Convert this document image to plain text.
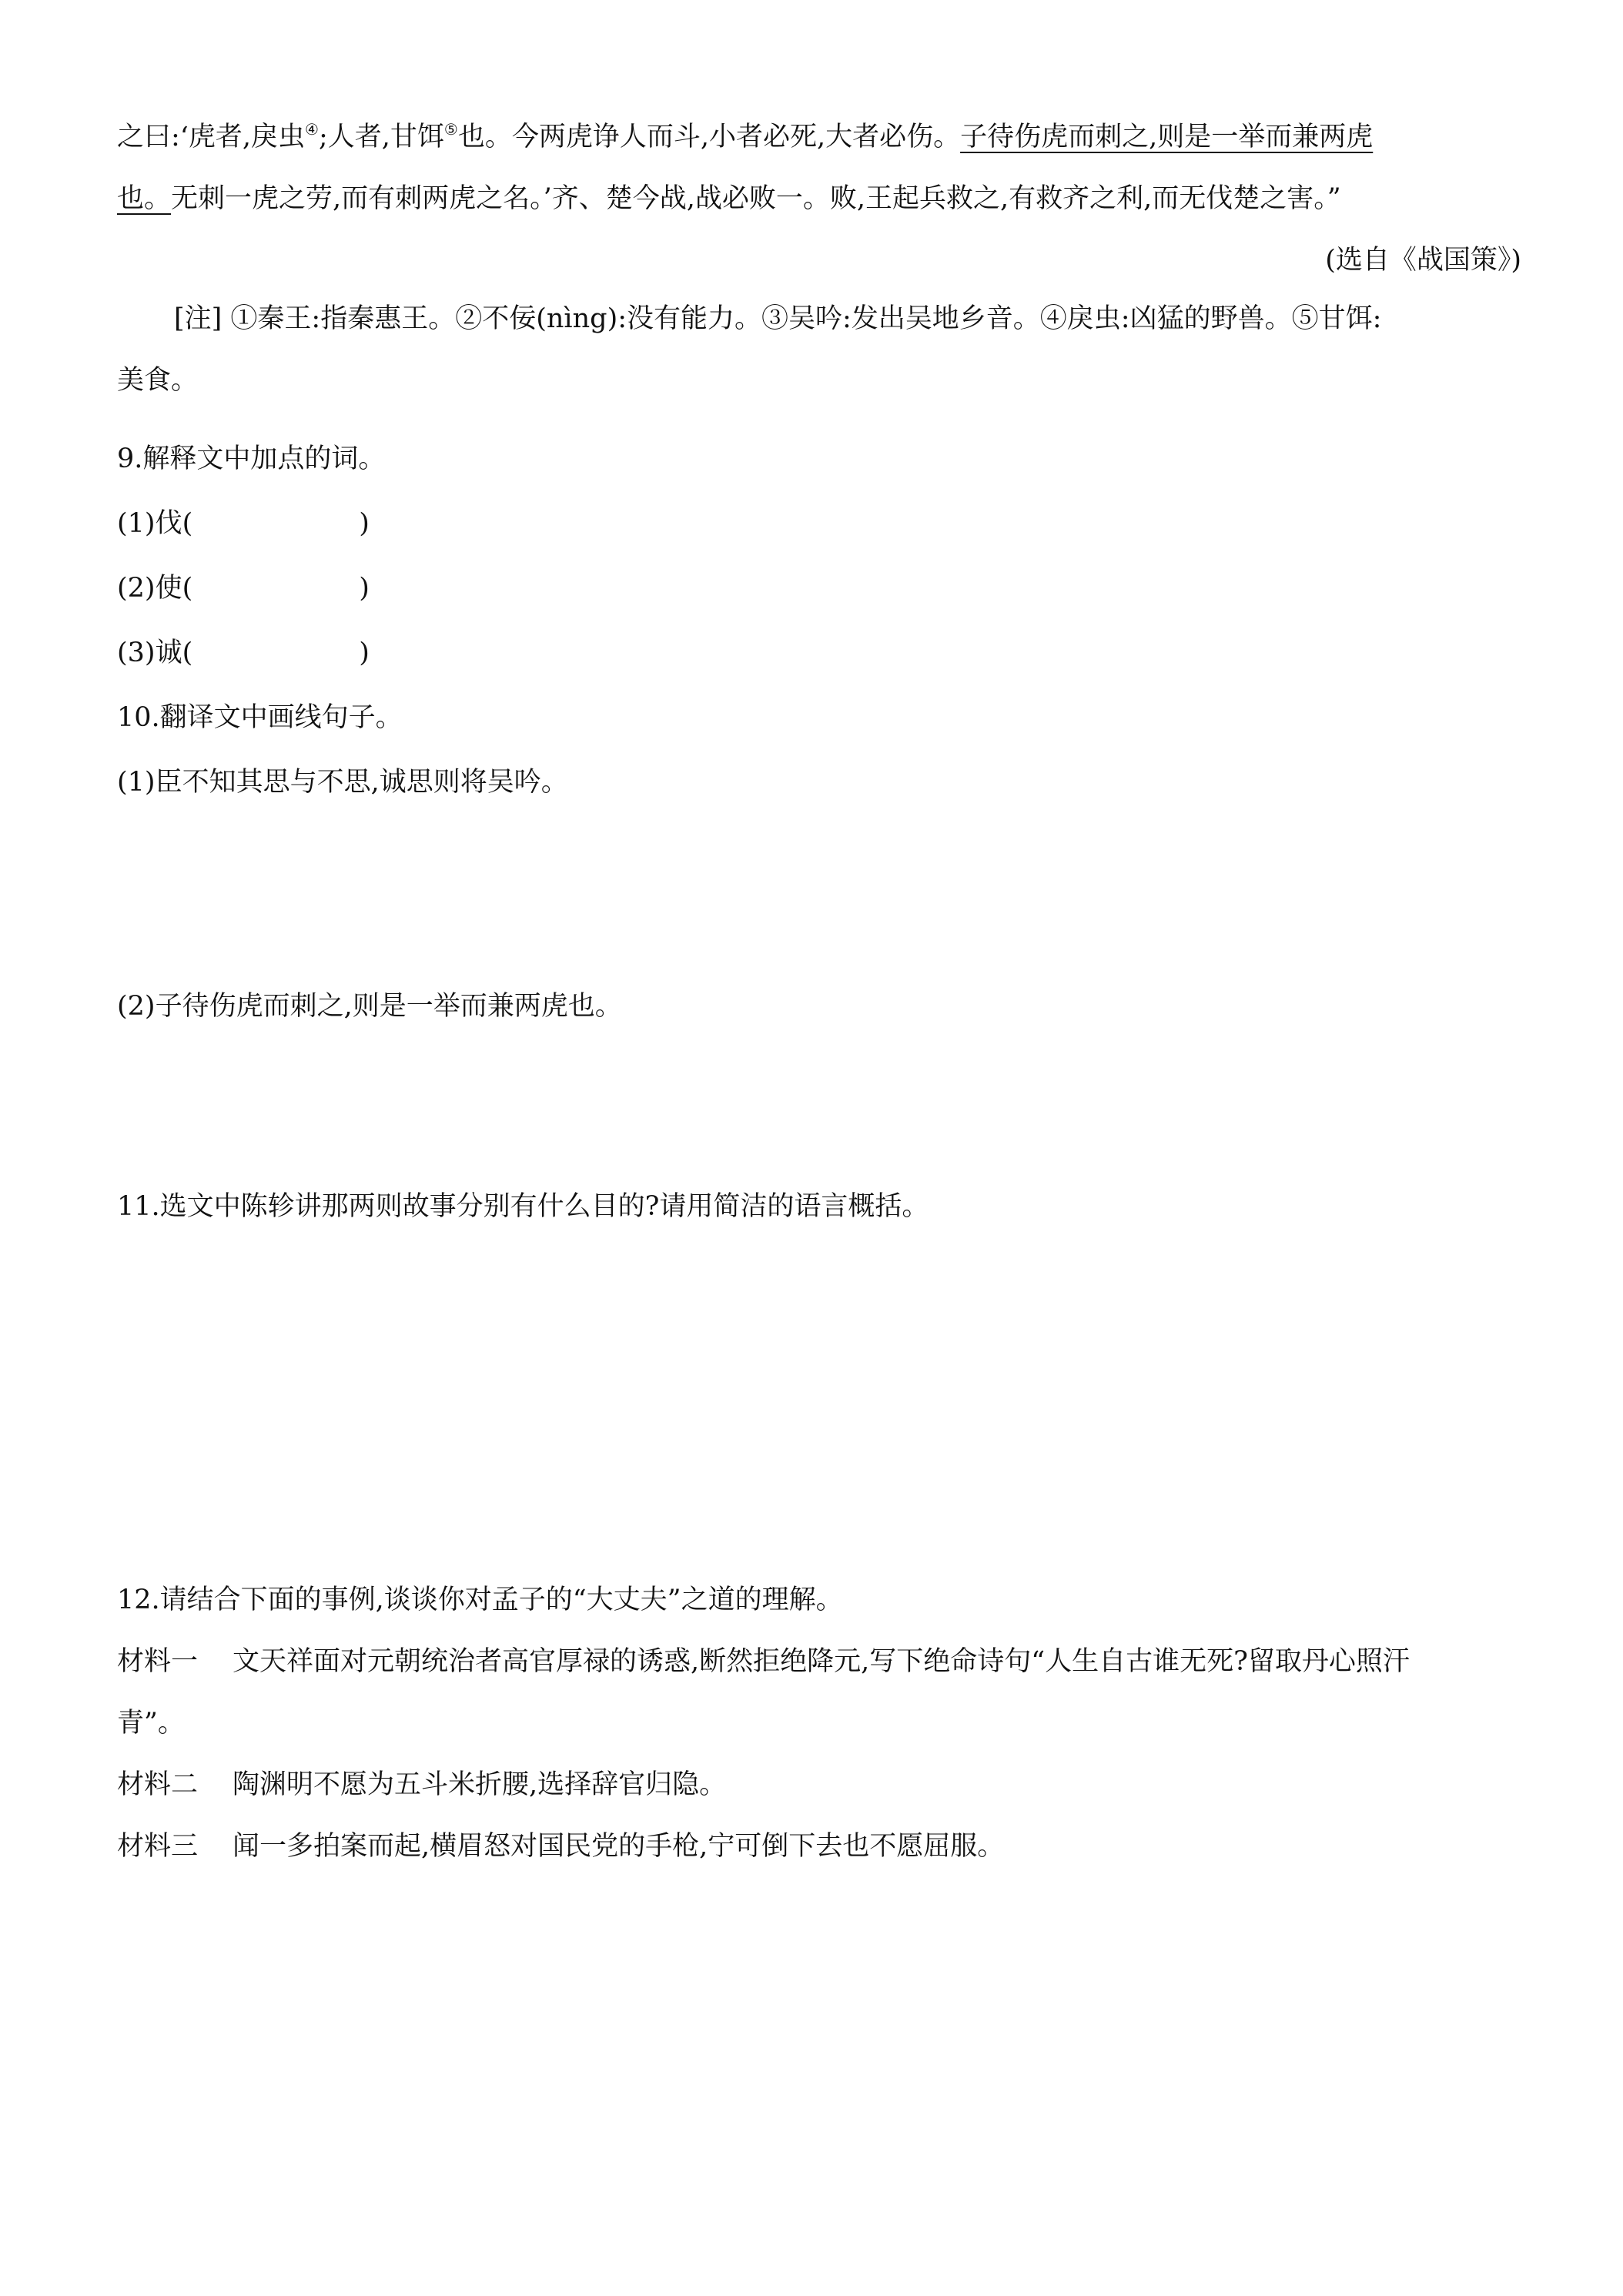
之曰:‘虎者,戾虫④;人者,甘饵⑤也。今两虎诤人而斗,小者必死,大者必伤。子待伤虎而刺之,则是一举而兼两虎

也。无刺一虎之劳,而有刺两虎之名。’齐、楚今战,战必败一。败,王起兵救之,有救齐之利,而无伐楚之害。”

(选自《战国策》)

[注] ①秦王:指秦惠王。②不佞(nìng):没有能力。③吴吟:发出吴地乡音。④戾虫:凶猛的野兽。⑤甘饵:

美食。

9.解释文中加点的词。

(1)伐(	)

(2)使(	)

(3)诚(	)

10.翻译文中画线句子。

(1)臣不知其思与不思,诚思则将吴吟。

(2)子待伤虎而刺之,则是一举而兼两虎也。

11.选文中陈轸讲那两则故事分别有什么目的?请用简洁的语言概括。

12.请结合下面的事例,谈谈你对孟子的“大丈夫”之道的理解。

材料一 文天祥面对元朝统治者高官厚禄的诱惑,断然拒绝降元,写下绝命诗句“人生自古谁无死?留取丹心照汗

青”。

材料二 陶渊明不愿为五斗米折腰,选择辞官归隐。

材料三 闻一多拍案而起,横眉怒对国民党的手枪,宁可倒下去也不愿屈服。
